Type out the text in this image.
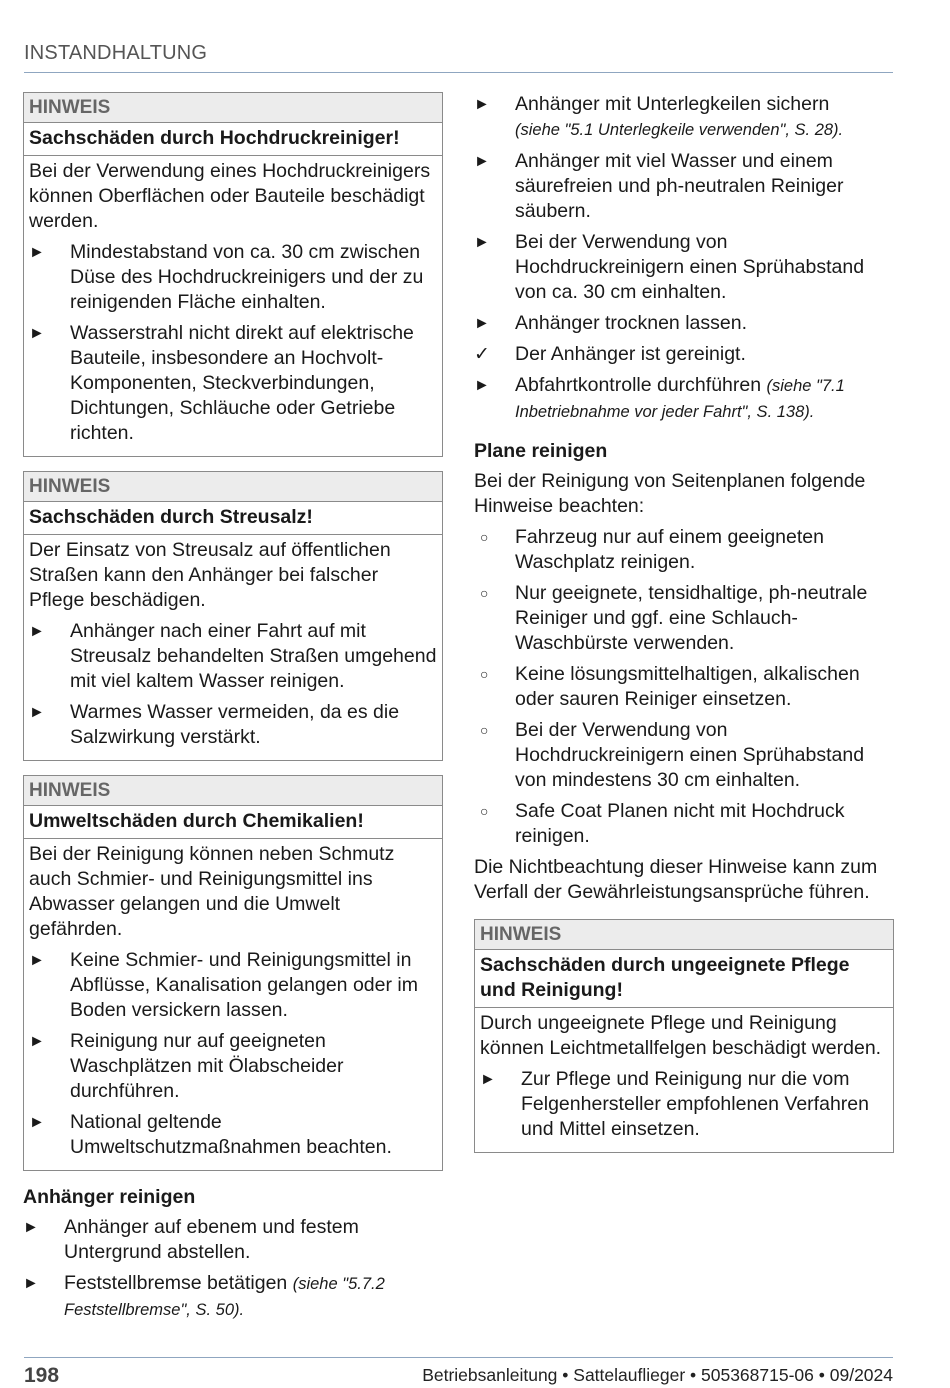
INSTANDHALTUNG
HINWEIS
Sachschäden durch Hochdruckreiniger!

Bei der Verwendung eines Hochdruckreinigers können Oberflächen oder Bauteile beschädigt werden.

►	Mindestabstand von ca. 30 cm zwischen Düse des Hochdruckreinigers und der zu reinigenden Fläche einhalten.
►	Wasserstrahl nicht direkt auf elektrische Bauteile, insbesondere an Hochvolt-Komponenten, Steckverbindungen, Dichtungen, Schläuche oder Getriebe richten.
HINWEIS
Sachschäden durch Streusalz!

Der Einsatz von Streusalz auf öffentlichen Straßen kann den Anhänger bei falscher Pflege beschädigen.

►	Anhänger nach einer Fahrt auf mit Streusalz behandelten Straßen umgehend mit viel kaltem Wasser reinigen.
►	Warmes Wasser vermeiden, da es die Salzwirkung verstärkt.
HINWEIS
Umweltschäden durch Chemikalien!

Bei der Reinigung können neben Schmutz auch Schmier- und Reinigungsmittel ins Abwasser gelangen und die Umwelt gefährden.

►	Keine Schmier- und Reinigungsmittel in Abflüsse, Kanalisation gelangen oder im Boden versickern lassen.
►	Reinigung nur auf geeigneten Waschplätzen mit Ölabscheider durchführen.
►	National geltende Umweltschutzmaßnahmen beachten.
Anhänger reinigen
►	Anhänger auf ebenem und festem Untergrund abstellen.
►	Feststellbremse betätigen (siehe "5.7.2 Feststellbremse", S. 50).
►	Anhänger mit Unterlegkeilen sichern
(siehe "5.1 Unterlegkeile verwenden", S. 28).
►	Anhänger mit viel Wasser und einem säurefreien und ph-neutralen Reiniger säubern.
►	Bei der Verwendung von Hochdruckreinigern einen Sprühabstand von ca. 30 cm einhalten.
►	Anhänger trocknen lassen.
✓	Der Anhänger ist gereinigt.
►	Abfahrtkontrolle durchführen (siehe "7.1 Inbetriebnahme vor jeder Fahrt", S. 138).
Plane reinigen

Bei der Reinigung von Seitenplanen folgende Hinweise beachten:

○	Fahrzeug nur auf einem geeigneten Waschplatz reinigen.
○	Nur geeignete, tensidhaltige, ph-neutrale Reiniger und ggf. eine Schlauch-Waschbürste verwenden.
○	Keine lösungsmittelhaltigen, alkalischen oder sauren Reiniger einsetzen.
○	Bei der Verwendung von Hochdruckreinigern einen Sprühabstand von mindestens 30 cm einhalten.
○	Safe Coat Planen nicht mit Hochdruck reinigen.

Die Nichtbeachtung dieser Hinweise kann zum Verfall der Gewährleistungsansprüche führen.

HINWEIS
Sachschäden durch ungeeignete Pflege und Reinigung!

Durch ungeeignete Pflege und Reinigung können Leichtmetallfelgen beschädigt werden.

►	Zur Pflege und Reinigung nur die vom Felgenhersteller empfohlenen Verfahren und Mittel einsetzen.
198	Betriebsanleitung • Sattelauflieger • 505368715-06 • 09/2024
